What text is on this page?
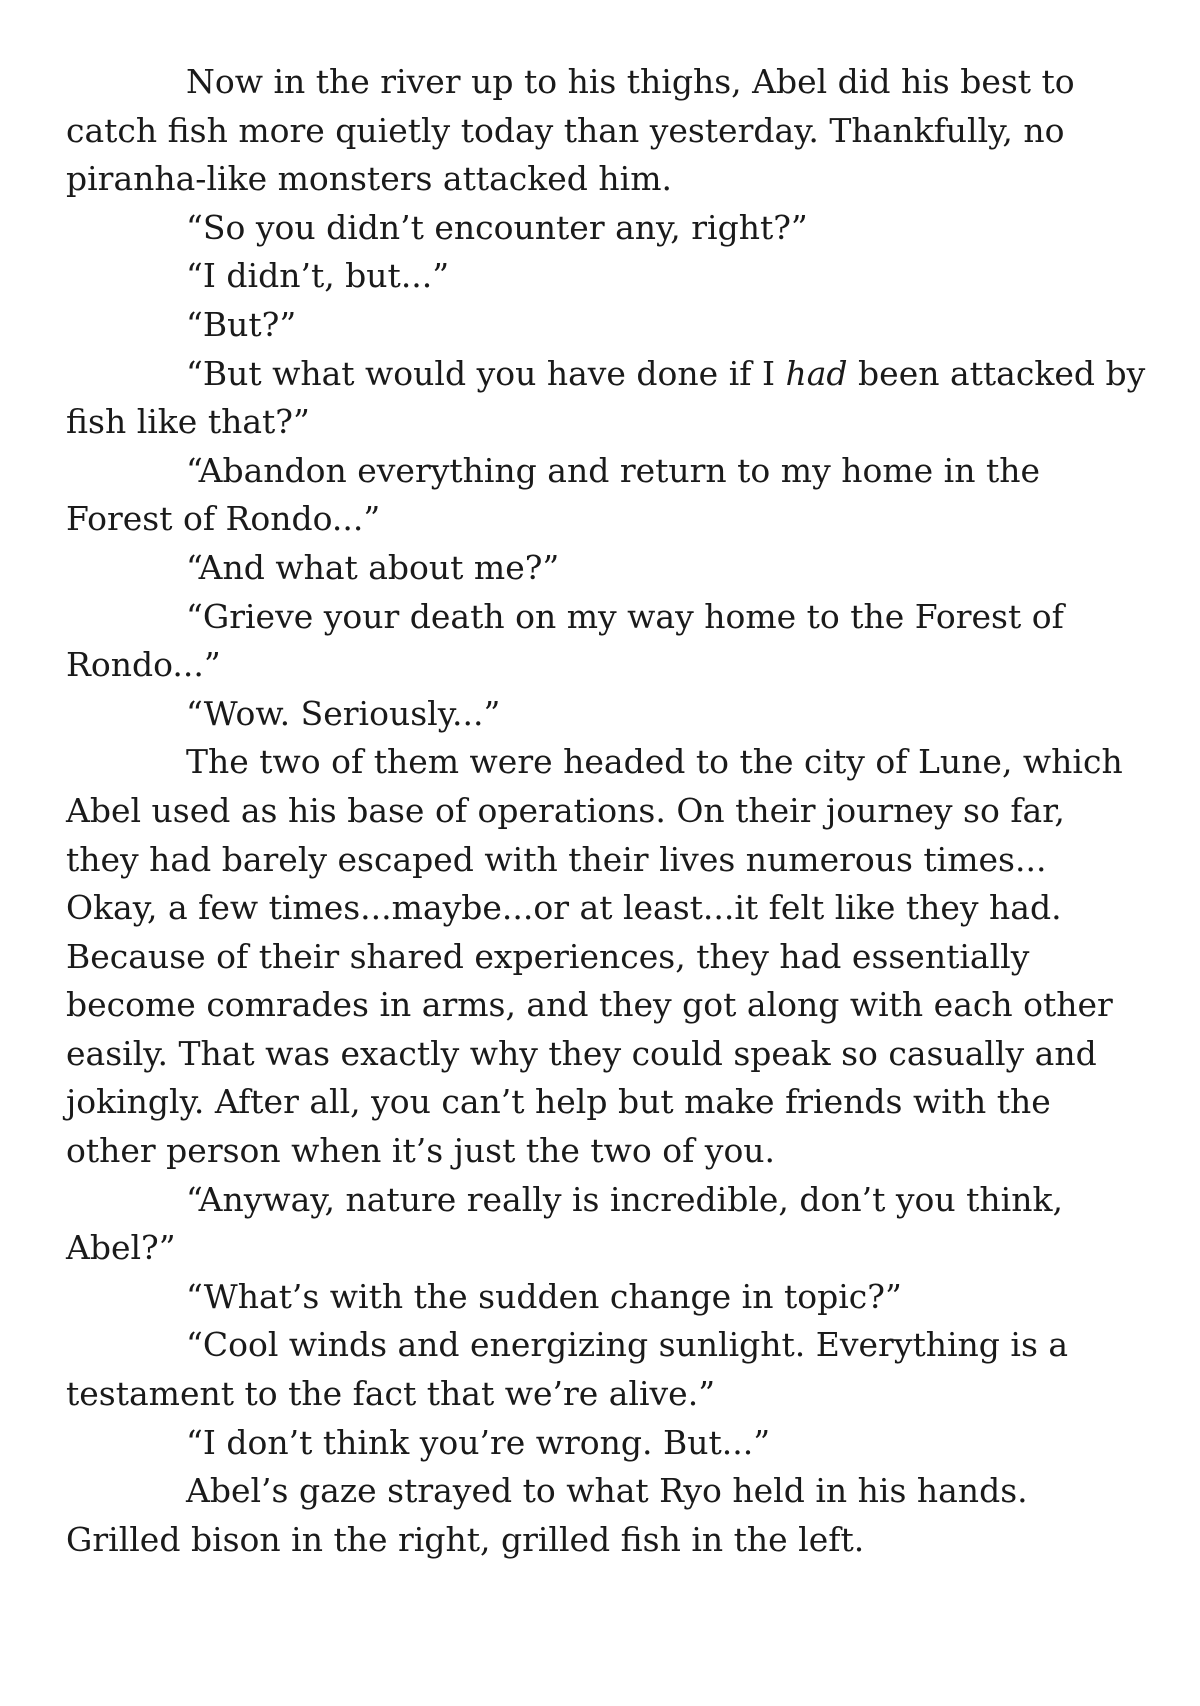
Now in the river up to his thighs, Abel did his best to catch fish more quietly today than yesterday. Thankfully, no piranha-like monsters attacked him.

“So you didn’t encounter any, right?”

“I didn’t, but...”

“But?”

“But what would you have done if I had been attacked by fish like that?”

“Abandon everything and return to my home in the Forest of Rondo...”

“And what about me?”

“Grieve your death on my way home to the Forest of Rondo...”

“Wow. Seriously...”

The two of them were headed to the city of Lune, which Abel used as his base of operations. On their journey so far, they had barely escaped with their lives numerous times... Okay, a few times...maybe...or at least...it felt like they had. Because of their shared experiences, they had essentially become comrades in arms, and they got along with each other easily. That was exactly why they could speak so casually and jokingly. After all, you can’t help but make friends with the other person when it’s just the two of you.

“Anyway, nature really is incredible, don’t you think, Abel?”

“What’s with the sudden change in topic?”

“Cool winds and energizing sunlight. Everything is a testament to the fact that we’re alive.”

“I don’t think you’re wrong. But...”

Abel’s gaze strayed to what Ryo held in his hands. Grilled bison in the right, grilled fish in the left.
